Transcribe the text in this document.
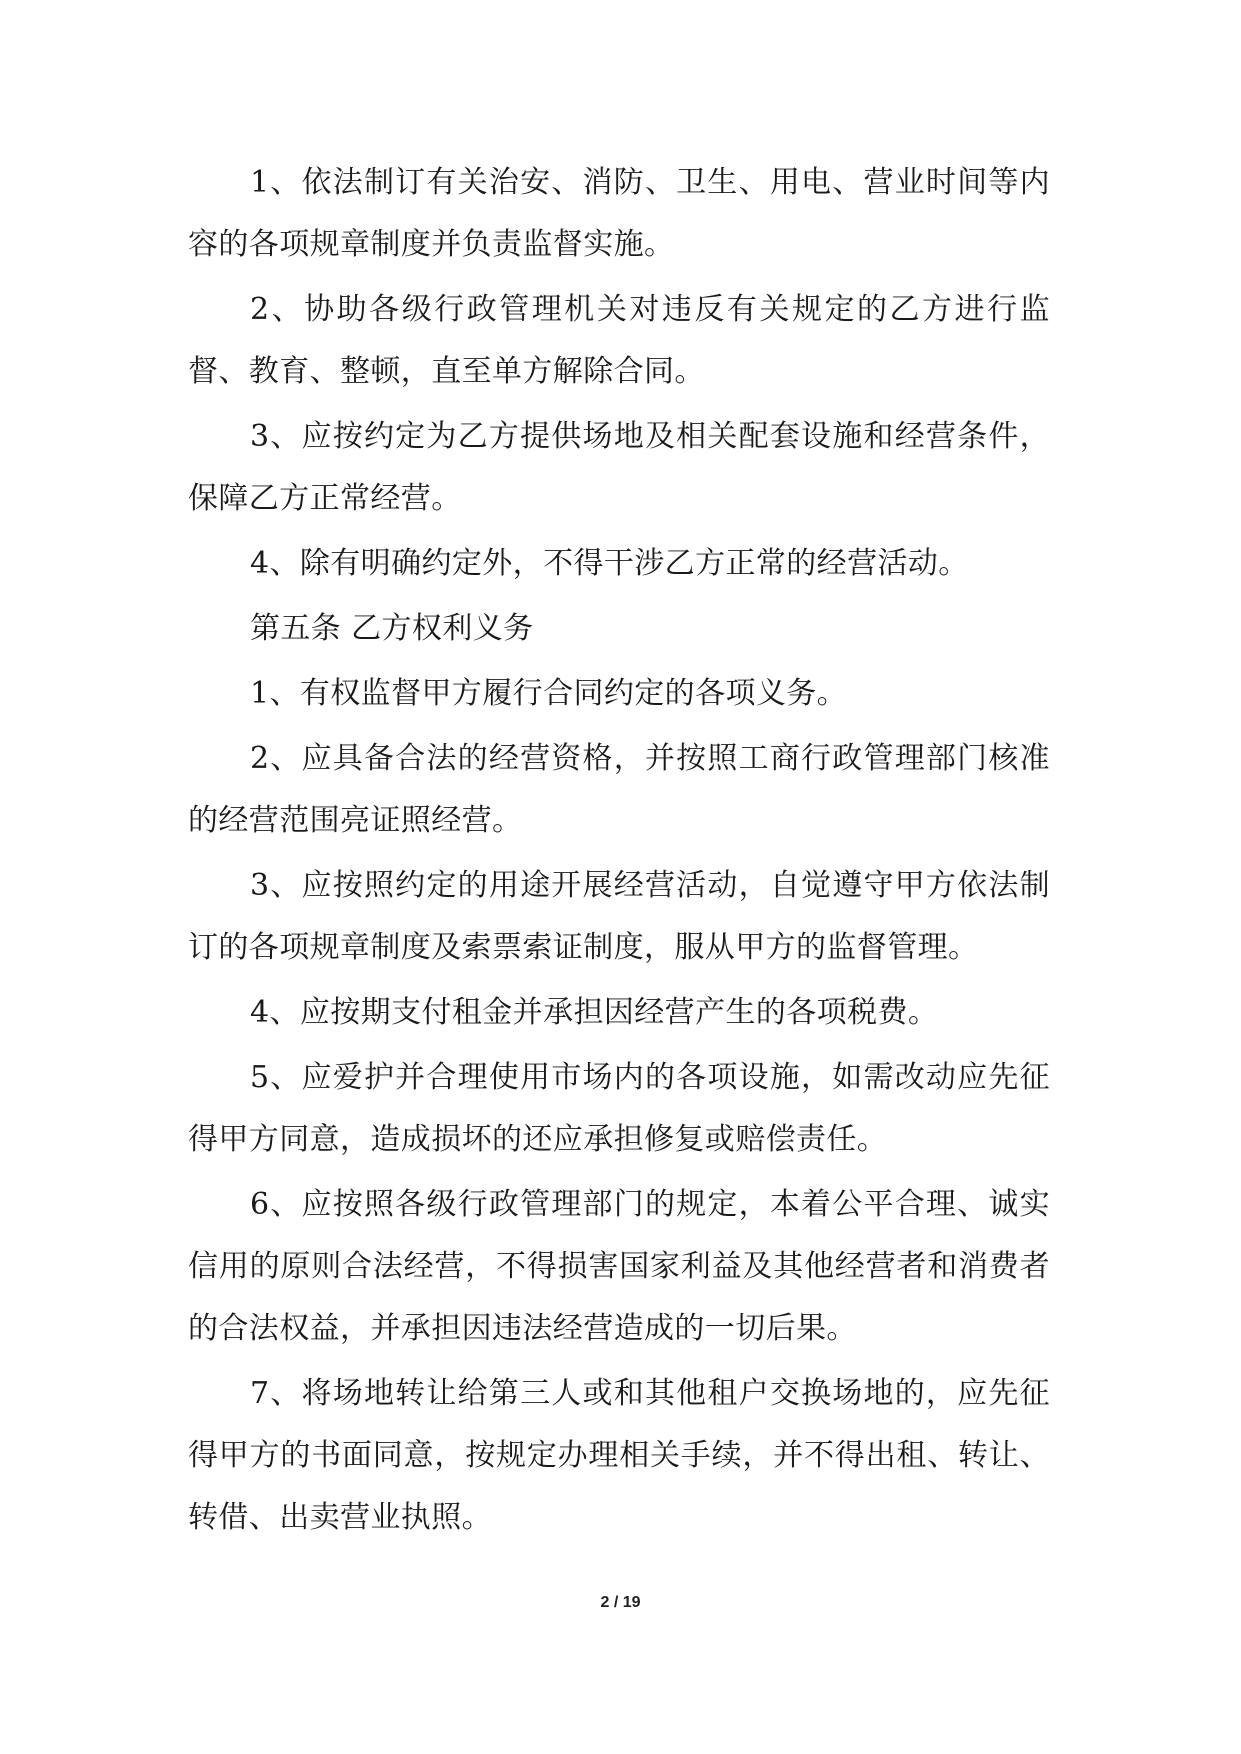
1、依法制订有关治安、消防、卫生、用电、营业时间等内容的各项规章制度并负责监督实施。

2、协助各级行政管理机关对违反有关规定的乙方进行监督、教育、整顿，直至单方解除合同。

3、应按约定为乙方提供场地及相关配套设施和经营条件，保障乙方正常经营。

4、除有明确约定外，不得干涉乙方正常的经营活动。

第五条 乙方权利义务

1、有权监督甲方履行合同约定的各项义务。

2、应具备合法的经营资格，并按照工商行政管理部门核准的经营范围亮证照经营。

3、应按照约定的用途开展经营活动，自觉遵守甲方依法制订的各项规章制度及索票索证制度，服从甲方的监督管理。

4、应按期支付租金并承担因经营产生的各项税费。

5、应爱护并合理使用市场内的各项设施，如需改动应先征得甲方同意，造成损坏的还应承担修复或赔偿责任。

6、应按照各级行政管理部门的规定，本着公平合理、诚实信用的原则合法经营，不得损害国家利益及其他经营者和消费者的合法权益，并承担因违法经营造成的一切后果。

7、将场地转让给第三人或和其他租户交换场地的，应先征得甲方的书面同意，按规定办理相关手续，并不得出租、转让、转借、出卖营业执照。

2 / 19
